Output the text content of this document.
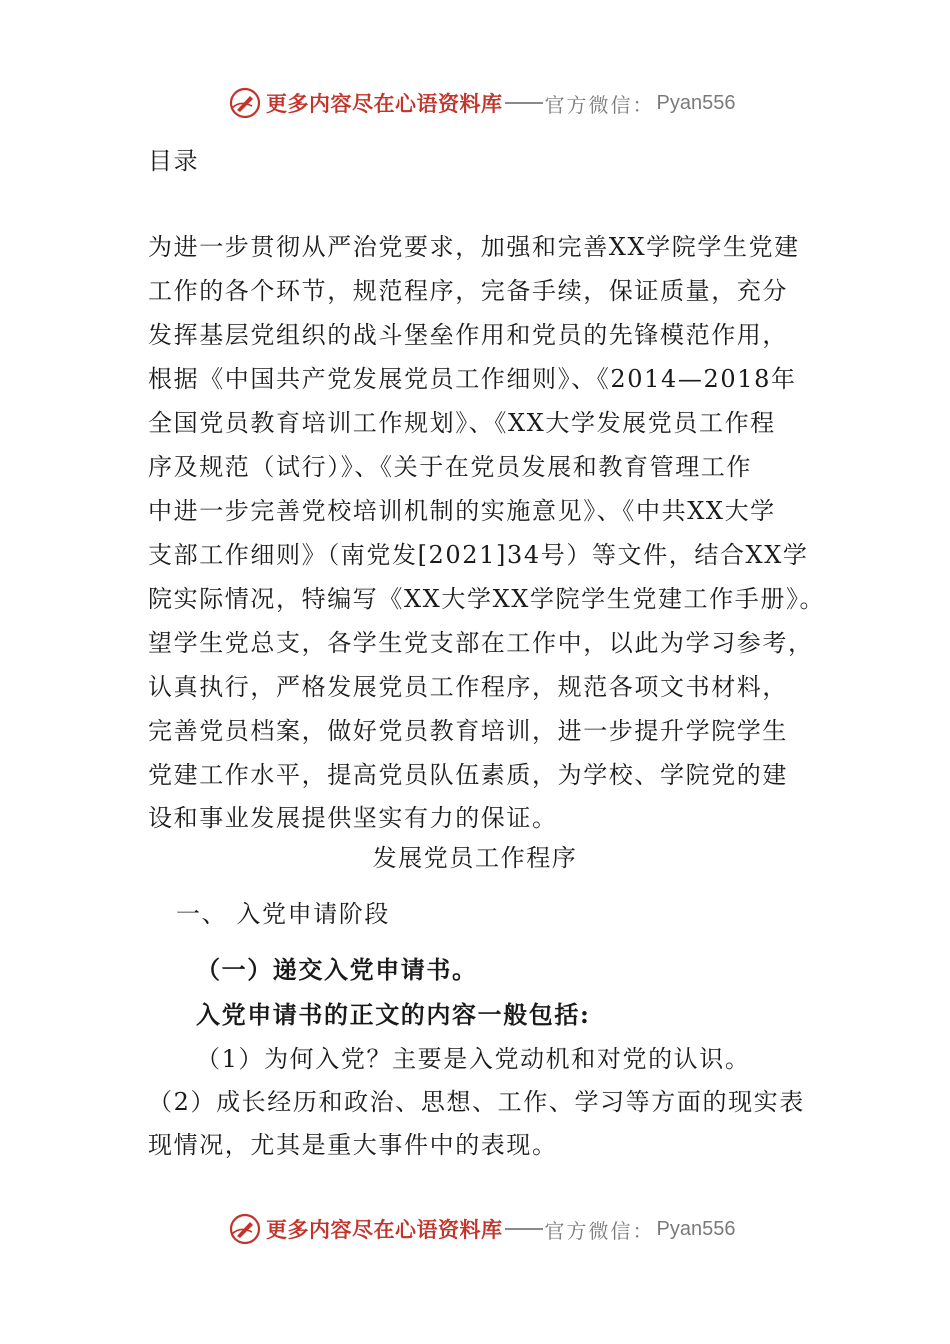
更多内容尽在心语资料库 官方微信： Pyan556
目录
为进一步贯彻从严治党要求，加强和完善XX学院学生党建
工作的各个环节，规范程序，完备手续，保证质量，充分
发挥基层党组织的战斗堡垒作用和党员的先锋模范作用，
根据《中国共产党发展党员工作细则》、《2014—2018年
全国党员教育培训工作规划》、《XX大学发展党员工作程
序及规范（试行）》、《关于在党员发展和教育管理工作
中进一步完善党校培训机制的实施意见》、《中共XX大学
支部工作细则》（南党发[2021]34号）等文件，结合XX学
院实际情况，特编写《XX大学XX学院学生党建工作手册》。
望学生党总支，各学生党支部在工作中，以此为学习参考，
认真执行，严格发展党员工作程序，规范各项文书材料，
完善党员档案，做好党员教育培训，进一步提升学院学生
党建工作水平，提高党员队伍素质，为学校、学院党的建
设和事业发展提供坚实有力的保证。
发展党员工作程序
一、 入党申请阶段
（一）递交入党申请书。
入党申请书的正文的内容一般包括:
（1）为何入党？主要是入党动机和对党的认识。
（2）成长经历和政治、思想、工作、学习等方面的现实表
现情况，尤其是重大事件中的表现。
更多内容尽在心语资料库 官方微信： Pyan556
